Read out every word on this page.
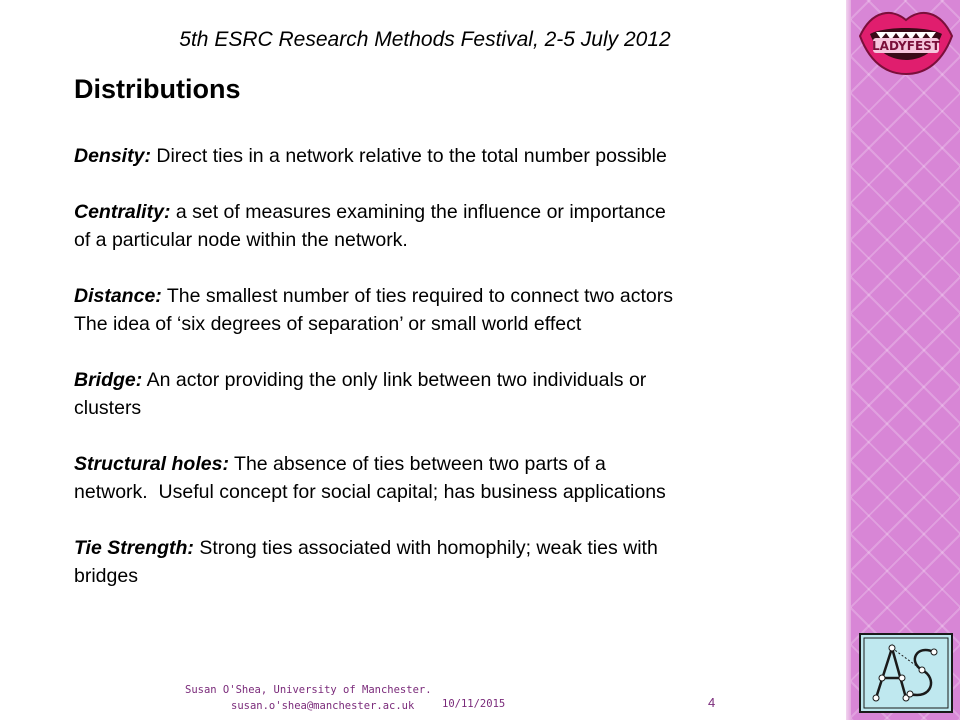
LADYFEST
5th ESRC Research Methods Festival, 2-5 July 2012
Distributions
Density: Direct ties in a network relative to the total number possible
Centrality: a set of measures examining the influence or importance
of a particular node within the network.
Distance: The smallest number of ties required to connect two actors
The idea of ‘six degrees of separation’ or small world effect
Bridge: An actor providing the only link between two individuals or
clusters
Structural holes: The absence of ties between two parts of a
network.  Useful concept for social capital; has business applications
Tie Strength: Strong ties associated with homophily; weak ties with
bridges
Susan O'Shea, University of Manchester.
susan.o'shea@manchester.ac.uk	10/11/2015	4
